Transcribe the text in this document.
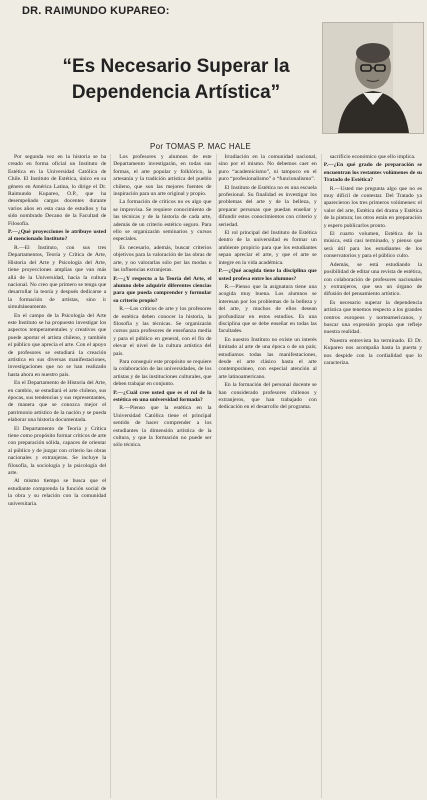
DR. RAIMUNDO KUPAREO:
“Es Necesario Superar la
Dependencia Artística”
Por TOMAS P. MAC HALE

Por segunda vez en la historia se ha creado en forma oficial un Instituto de Estética en la Universidad Católica de Chile. El Instituto de Estética, único en su género en América Latina, lo dirige el Dr. Raimundo Kupareo, O.P., que ha desempeñado cargos docentes durante varios años en esta casa de estudios y ha sido nombrado Decano de la Facultad de Filosofía.

P.—¿Qué proyecciones le atribuye usted al mencionado Instituto?

R.—El Instituto, con sus tres Departamentos, Teoría y Crítica de Arte, Historia del Arte y Psicología del Arte, tiene proyecciones amplias que van más allá de la Universidad, hacia la cultura nacional. No creo que primero se tenga que desarrollar la teoría y después dedicarse a la formación de artistas, sino ir simultáneamente.

En el campo de la Psicología del Arte este Instituto se ha propuesto investigar los aspectos temperamentales y creativos que puede aportar el artista chileno, y también el público que aprecia el arte. Con el apoyo de profesores se estudiará la creación artística en sus diversas manifestaciones, investigaciones que no se han realizado hasta ahora en nuestro país.

En el Departamento de Historia del Arte, en cambio, se estudiará el arte chileno, sus épocas, sus tendencias y sus representantes, de manera que se conozca mejor el patrimonio artístico de la nación y se pueda elaborar una historia documentada.

El Departamento de Teoría y Crítica tiene como propósito formar críticos de arte con preparación sólida, capaces de orientar al público y de juzgar con criterio las obras nacionales y extranjeras. Se incluye la filosofía, la sociología y la psicología del arte.

Al mismo tiempo se busca que el estudiante comprenda la función social de la obra y su relación con la comunidad universitaria.

Los profesores y alumnos de este Departamento investigarán, en todas sus formas, el arte popular y folklórico, la artesanía y la tradición artística del pueblo chileno, que son las mejores fuentes de inspiración para un arte original y propio.

La formación de críticos no es algo que se improvisa. Se requiere conocimiento de las técnicas y de la historia de cada arte, además de un criterio estético seguro. Para ello se organizarán seminarios y cursos especiales.

Es necesario, además, buscar criterios objetivos para la valoración de las obras de arte, y no valorarlas sólo por las modas o las influencias extranjeras.

P.—¿Y respecto a la Teoría del Arte, el alumno debe adquirir diferentes ciencias para que pueda comprender y formular su criterio propio?

R.—Los críticos de arte y los profesores de estética deben conocer la historia, la filosofía y las técnicas. Se organizarán cursos para profesores de enseñanza media y para el público en general, con el fin de elevar el nivel de la cultura artística del país.

Para conseguir este propósito se requiere la colaboración de las universidades, de los artistas y de las instituciones culturales, que deben trabajar en conjunto.

P.—¿Cuál cree usted que es el rol de la estética en una universidad formada?

R.—Pienso que la estética en la Universidad Católica tiene el principal sentido de hacer comprender a los estudiantes la dimensión artística de la cultura, y que la formación no puede ser sólo técnica.

Irradiación en la comunidad nacional, sino por el mismo. No debemos caer en puro “academicismo”, ni tampoco en el puro “profesionalismo” o “funcionalismo”.

El Instituto de Estética no es una escuela profesional. Su finalidad es investigar los problemas del arte y de la belleza, y preparar personas que puedan enseñar y difundir estos conocimientos con criterio y seriedad.

El rol principal del Instituto de Estética dentro de la universidad es formar un ambiente propicio para que los estudiantes sepan apreciar el arte, y que el arte se integre en la vida académica.

P.—¿Qué acogida tiene la disciplina que usted profesa entre los alumnos?

R.—Pienso que la asignatura tiene una acogida muy buena. Los alumnos se interesan por los problemas de la belleza y del arte, y muchos de ellos desean profundizar en estos estudios. Es una disciplina que se debe enseñar en todas las facultades.

En nuestro Instituto no existe un interés limitado al arte de una época o de un país; estudiamos todas las manifestaciones, desde el arte clásico hasta el arte contemporáneo, con especial atención al arte latinoamericano.

En la formación del personal docente se han considerado profesores chilenos y extranjeros, que han trabajado con dedicación en el desarrollo del programa.

sacrificio económico que ello implica.

P.—¿En qué grado de preparación se encuentran los restantes volúmenes de su Tratado de Estética?

R.—Usted me pregunta algo que no es muy difícil de contestar. Del Tratado ya aparecieron los tres primeros volúmenes: el valor del arte, Estética del drama y Estética de la pintura; los otros están en preparación y espero publicarlos pronto.

El cuarto volumen, Estética de la música, está casi terminado, y pienso que será útil para los estudiantes de los conservatorios y para el público culto.

Además, se está estudiando la posibilidad de editar una revista de estética, con colaboración de profesores nacionales y extranjeros, que sea un órgano de difusión del pensamiento artístico.

Es necesario superar la dependencia artística que tenemos respecto a los grandes centros europeos y norteamericanos, y buscar una expresión propia que refleje nuestra realidad.

Nuestra entrevista ha terminado. El Dr. Kupareo nos acompaña hasta la puerta y nos despide con la cordialidad que lo caracteriza.
